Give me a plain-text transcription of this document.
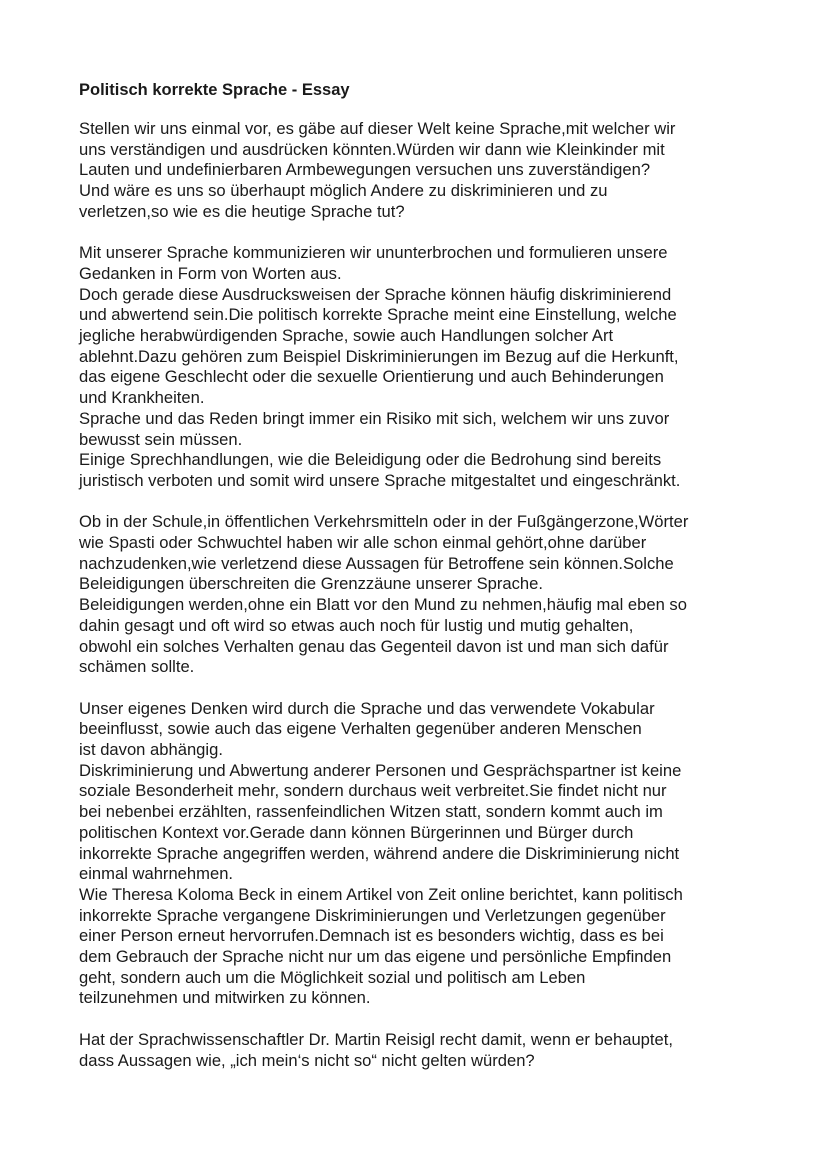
Politisch korrekte Sprache - Essay
Stellen wir uns einmal vor, es gäbe auf dieser Welt keine Sprache,mit welcher wir
uns verständigen und ausdrücken könnten.Würden wir dann wie Kleinkinder mit
Lauten und undefinierbaren Armbewegungen versuchen uns zuverständigen?
Und wäre es uns so überhaupt möglich Andere zu diskriminieren und zu
verletzen,so wie es die heutige Sprache tut?
Mit unserer Sprache kommunizieren wir ununterbrochen und formulieren unsere
Gedanken in Form von Worten aus.
Doch gerade diese Ausdrucksweisen der Sprache können häufig diskriminierend
und abwertend sein.Die politisch korrekte Sprache meint eine Einstellung, welche
jegliche herabwürdigenden Sprache, sowie auch Handlungen solcher Art
ablehnt.Dazu gehören zum Beispiel Diskriminierungen im Bezug auf die Herkunft,
das eigene Geschlecht oder die sexuelle Orientierung und auch Behinderungen
und Krankheiten.
Sprache und das Reden bringt immer ein Risiko mit sich, welchem wir uns zuvor
bewusst sein müssen.
Einige Sprechhandlungen, wie die Beleidigung oder die Bedrohung sind bereits
juristisch verboten und somit wird unsere Sprache mitgestaltet und eingeschränkt.
Ob in der Schule,in öffentlichen Verkehrsmitteln oder in der Fußgängerzone,Wörter
wie Spasti oder Schwuchtel haben wir alle schon einmal gehört,ohne darüber
nachzudenken,wie verletzend diese Aussagen für Betroffene sein können.Solche
Beleidigungen überschreiten die Grenzzäune unserer Sprache.
Beleidigungen werden,ohne ein Blatt vor den Mund zu nehmen,häufig mal eben so
dahin gesagt und oft wird so etwas auch noch für lustig und mutig gehalten,
obwohl ein solches Verhalten genau das Gegenteil davon ist und man sich dafür
schämen sollte.
Unser eigenes Denken wird durch die Sprache und das verwendete Vokabular
beeinflusst, sowie auch das eigene Verhalten gegenüber anderen Menschen
ist davon abhängig.
Diskriminierung und Abwertung anderer Personen und Gesprächspartner ist keine
soziale Besonderheit mehr, sondern durchaus weit verbreitet.Sie findet nicht nur
bei nebenbei erzählten, rassenfeindlichen Witzen statt, sondern kommt auch im
politischen Kontext vor.Gerade dann können Bürgerinnen und Bürger durch
inkorrekte Sprache angegriffen werden, während andere die Diskriminierung nicht
einmal wahrnehmen.
Wie Theresa Koloma Beck in einem Artikel von Zeit online berichtet, kann politisch
inkorrekte Sprache vergangene Diskriminierungen und Verletzungen gegenüber
einer Person erneut hervorrufen.Demnach ist es besonders wichtig, dass es bei
dem Gebrauch der Sprache nicht nur um das eigene und persönliche Empfinden
geht, sondern auch um die Möglichkeit sozial und politisch am Leben
teilzunehmen und mitwirken zu können.
Hat der Sprachwissenschaftler Dr. Martin Reisigl recht damit, wenn er behauptet,
dass Aussagen wie, „ich mein‘s nicht so“ nicht gelten würden?
